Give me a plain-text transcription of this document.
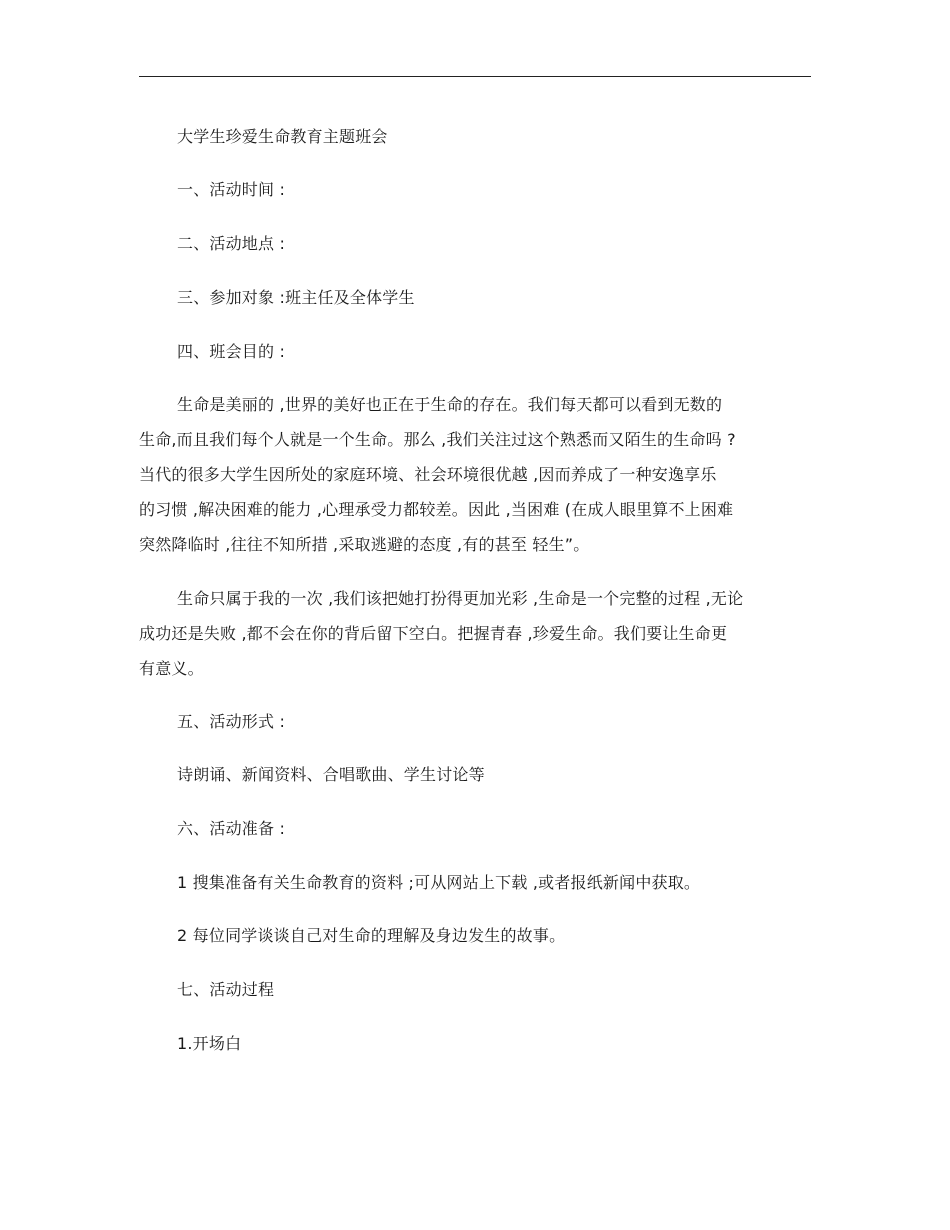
大学生珍爱生命教育主题班会
一、活动时间 :
二、活动地点 :
三、参加对象 :班主任及全体学生
四、班会目的 :
生命是美丽的 ,世界的美好也正在于生命的存在。我们每天都可以看到无数的
生命,而且我们每个人就是一个生命。那么 ,我们关注过这个熟悉而又陌生的生命吗 ?
当代的很多大学生因所处的家庭环境、社会环境很优越 ,因而养成了一种安逸享乐
的习惯 ,解决困难的能力 ,心理承受力都较差。因此 ,当困难 (在成人眼里算不上困难
突然降临时 ,往往不知所措 ,采取逃避的态度 ,有的甚至 轻生”。
生命只属于我的一次 ,我们该把她打扮得更加光彩 ,生命是一个完整的过程 ,无论
成功还是失败 ,都不会在你的背后留下空白。把握青春 ,珍爱生命。我们要让生命更
有意义。
五、活动形式 :
诗朗诵、新闻资料、合唱歌曲、学生讨论等
六、活动准备 :
1 搜集准备有关生命教育的资料 ;可从网站上下载 ,或者报纸新闻中获取。
2 每位同学谈谈自己对生命的理解及身边发生的故事。
七、活动过程
1.开场白
